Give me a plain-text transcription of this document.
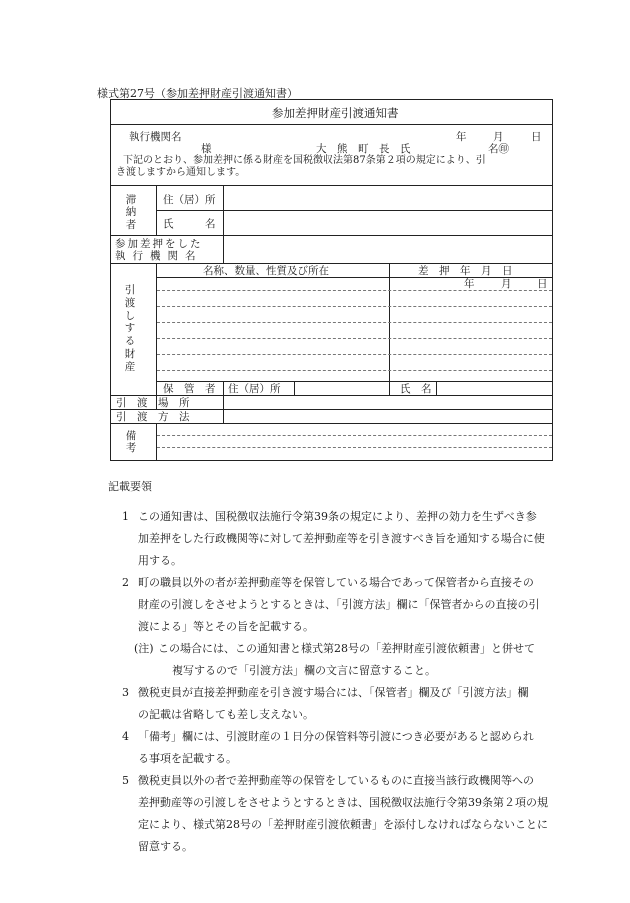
様式第27号（参加差押財産引渡通知書）
参加差押財産引渡通知書
執行機関名	年	月	日
様	大　熊　町　長　氏	名㊞
下記のとおり、参加差押に係る財産を国税徴収法第87条第２項の規定により、引
き渡しますから通知します。
滞納者
住（居）所
氏　　　名
参加差押をした
執行機関名
引渡しする財産
名称、数量、性質及び所在	差　押　年　月　日
年	月 日
保　管　者 住（居）所	氏　名
引　渡　場　所
引　渡　方　法
備考
記載要領
1 この通知書は、国税徴収法施行令第39条の規定により、差押の効力を生ずべき参
加差押をした行政機関等に対して差押動産等を引き渡すべき旨を通知する場合に使
用する。
2 町の職員以外の者が差押動産等を保管している場合であって保管者から直接その
財産の引渡しをさせようとするときは、「引渡方法」欄に「保管者からの直接の引
渡による」等とその旨を記載する。
(注) この場合には、この通知書と様式第28号の「差押財産引渡依頼書」と併せて
複写するので「引渡方法」欄の文言に留意すること。
3 徴税吏員が直接差押動産を引き渡す場合には、「保管者」欄及び「引渡方法」欄
の記載は省略しても差し支えない。
4 「備考」欄には、引渡財産の１日分の保管料等引渡につき必要があると認められ
る事項を記載する。
5 徴税吏員以外の者で差押動産等の保管をしているものに直接当該行政機関等への
差押動産等の引渡しをさせようとするときは、国税徴収法施行令第39条第２項の規
定により、様式第28号の「差押財産引渡依頼書」を添付しなければならないことに
留意する。
